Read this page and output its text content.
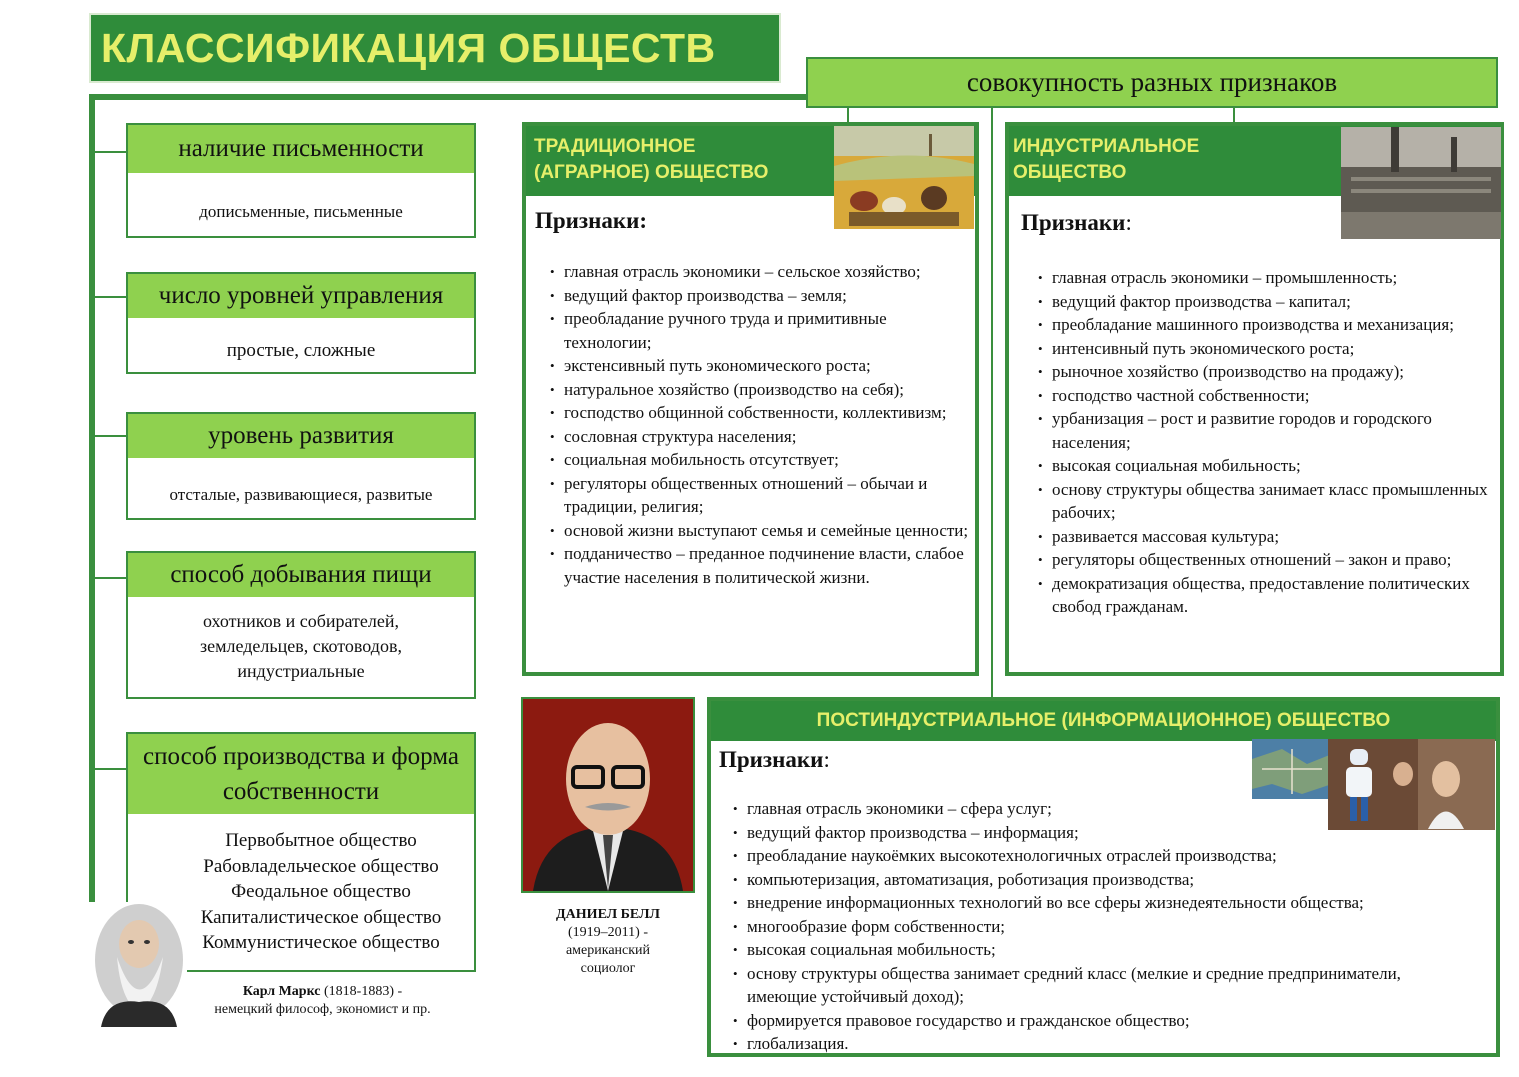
КЛАССИФИКАЦИЯ ОБЩЕСТВ
совокупность разных признаков
наличие письменности
дописьменные, письменные
число уровней управления
простые, сложные
уровень развития
отсталые, развивающиеся, развитые
способ добывания пищи
охотников и собирателей, земледельцев, скотоводов, индустриальные
способ производства и форма собственности
Первобытное общество
Рабовладельческое общество
Феодальное общество
Капиталистическое общество
Коммунистическое общество
Карл Маркс (1818-1883) -
немецкий философ, экономист и пр.
ТРАДИЦИОННОЕ
(АГРАРНОЕ) ОБЩЕСТВО
Признаки:
• главная отрасль экономики – сельское хозяйство;
• ведущий фактор производства – земля;
• преобладание ручного труда и примитивные технологии;
• экстенсивный путь экономического роста;
• натуральное хозяйство (производство на себя);
• господство общинной собственности, коллективизм;
• сословная структура населения;
• социальная мобильность отсутствует;
• регуляторы общественных отношений – обычаи и традиции, религия;
• основой жизни выступают семья и семейные ценности;
• подданичество – преданное подчинение власти, слабое участие населения в политической жизни.
ИНДУСТРИАЛЬНОЕ
ОБЩЕСТВО
Признаки:
• главная отрасль экономики – промышленность;
• ведущий фактор производства – капитал;
• преобладание машинного производства и механизация;
• интенсивный путь экономического роста;
• рыночное хозяйство (производство на продажу);
• господство частной собственности;
• урбанизация – рост и развитие городов и городского населения;
• высокая социальная мобильность;
• основу структуры общества занимает класс промышленных рабочих;
• развивается массовая культура;
• регуляторы общественных отношений – закон и право;
• демократизация общества, предоставление политических свобод гражданам.
ДАНИЕЛ БЕЛЛ
(1919–2011) -
американский
социолог
ПОСТИНДУСТРИАЛЬНОЕ (ИНФОРМАЦИОННОЕ) ОБЩЕСТВО
Признаки:
• главная отрасль экономики – сфера услуг;
• ведущий фактор производства – информация;
• преобладание наукоёмких высокотехнологичных отраслей производства;
• компьютеризация, автоматизация, роботизация производства;
• внедрение информационных технологий во все сферы жизнедеятельности общества;
• многообразие форм собственности;
• высокая социальная мобильность;
• основу структуры общества занимает средний класс (мелкие и средние предприниматели, имеющие устойчивый доход);
• формируется правовое государство и гражданское общество;
• глобализация.
